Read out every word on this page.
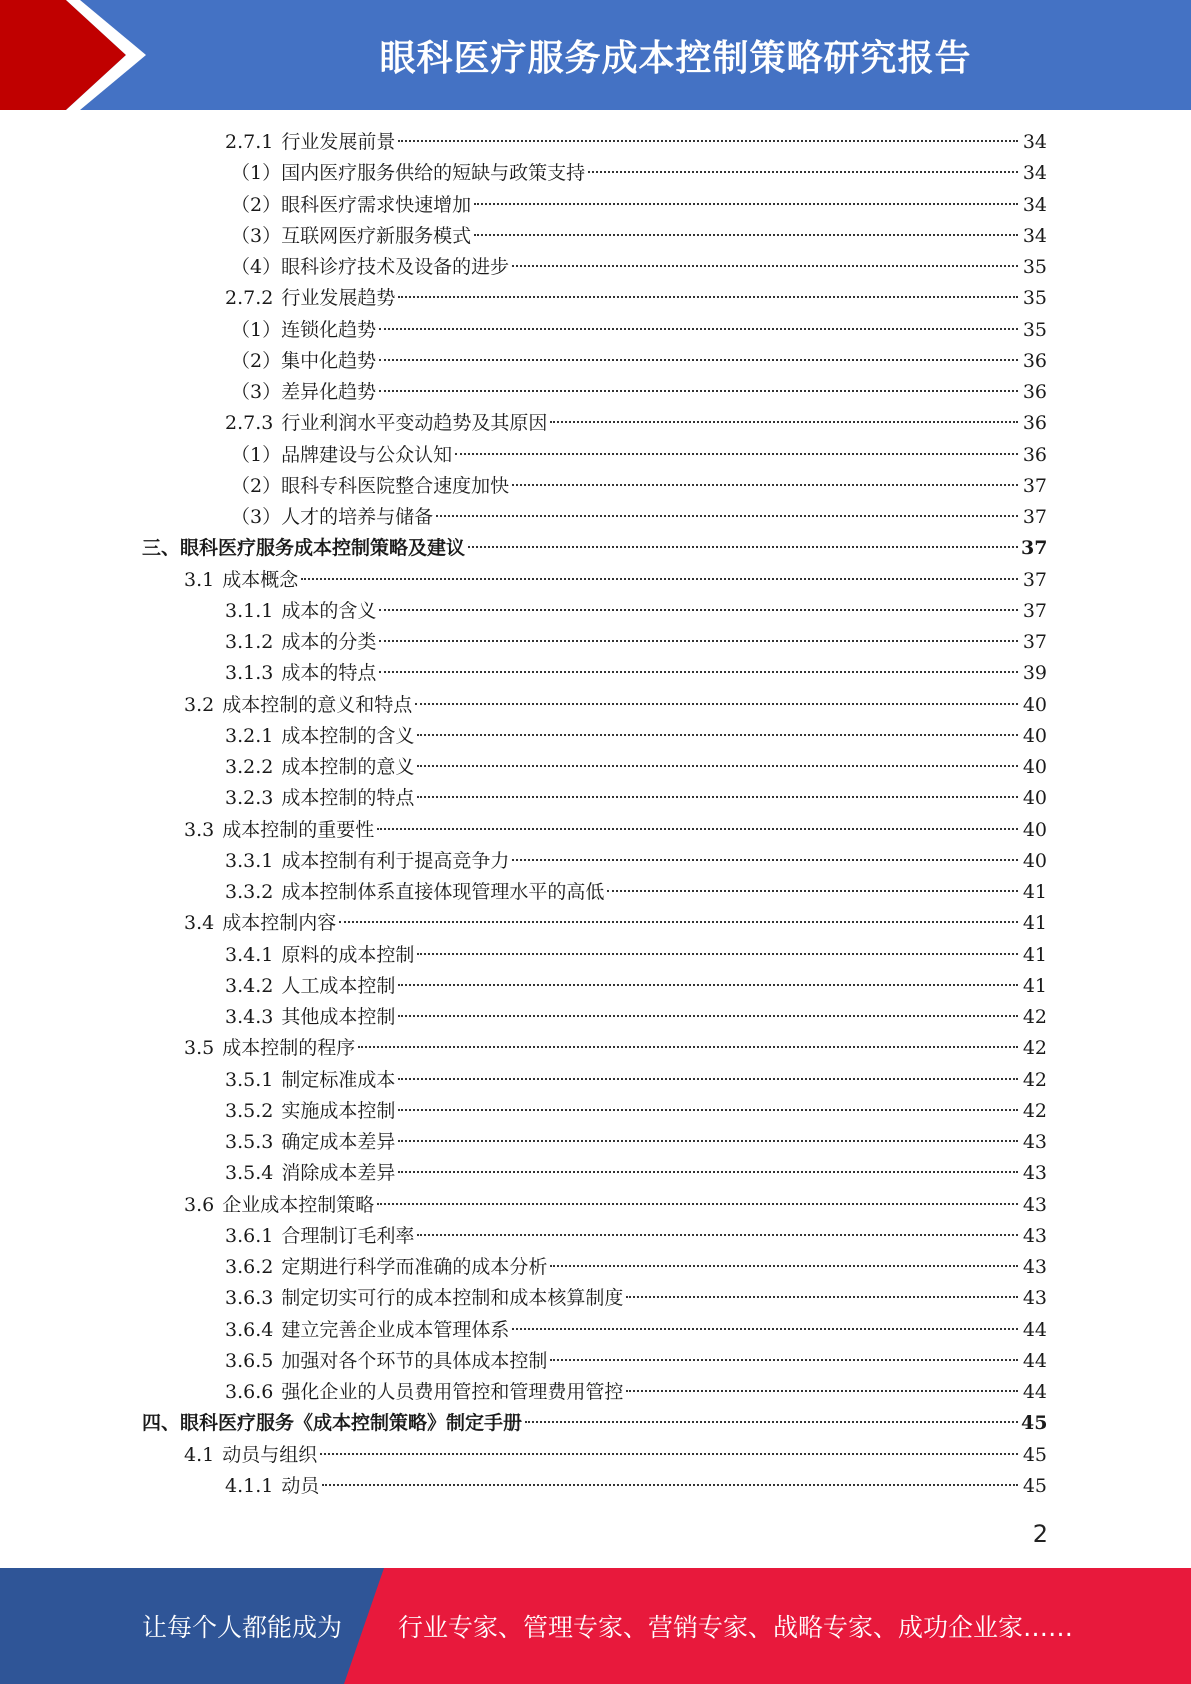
眼科医疗服务成本控制策略研究报告
2.7.1 行业发展前景	34
（1）国内医疗服务供给的短缺与政策支持	34
（2）眼科医疗需求快速增加	34
（3）互联网医疗新服务模式	34
（4）眼科诊疗技术及设备的进步	35
2.7.2 行业发展趋势	35
（1）连锁化趋势	35
（2）集中化趋势	36
（3）差异化趋势	36
2.7.3 行业利润水平变动趋势及其原因	36
（1）品牌建设与公众认知	36
（2）眼科专科医院整合速度加快	37
（3）人才的培养与储备	37
三、眼科医疗服务成本控制策略及建议	37
3.1 成本概念	37
3.1.1 成本的含义	37
3.1.2 成本的分类	37
3.1.3 成本的特点	39
3.2 成本控制的意义和特点	40
3.2.1 成本控制的含义	40
3.2.2 成本控制的意义	40
3.2.3 成本控制的特点	40
3.3 成本控制的重要性	40
3.3.1 成本控制有利于提高竞争力	40
3.3.2 成本控制体系直接体现管理水平的高低	41
3.4 成本控制内容	41
3.4.1 原料的成本控制	41
3.4.2 人工成本控制	41
3.4.3 其他成本控制	42
3.5 成本控制的程序	42
3.5.1 制定标准成本	42
3.5.2 实施成本控制	42
3.5.3 确定成本差异	43
3.5.4 消除成本差异	43
3.6 企业成本控制策略	43
3.6.1 合理制订毛利率	43
3.6.2 定期进行科学而准确的成本分析	43
3.6.3 制定切实可行的成本控制和成本核算制度	43
3.6.4 建立完善企业成本管理体系	44
3.6.5 加强对各个环节的具体成本控制	44
3.6.6 强化企业的人员费用管控和管理费用管控	44
四、眼科医疗服务《成本控制策略》制定手册	45
4.1 动员与组织	45
4.1.1 动员	45
2
让每个人都能成为 行业专家、管理专家、营销专家、战略专家、成功企业家……
